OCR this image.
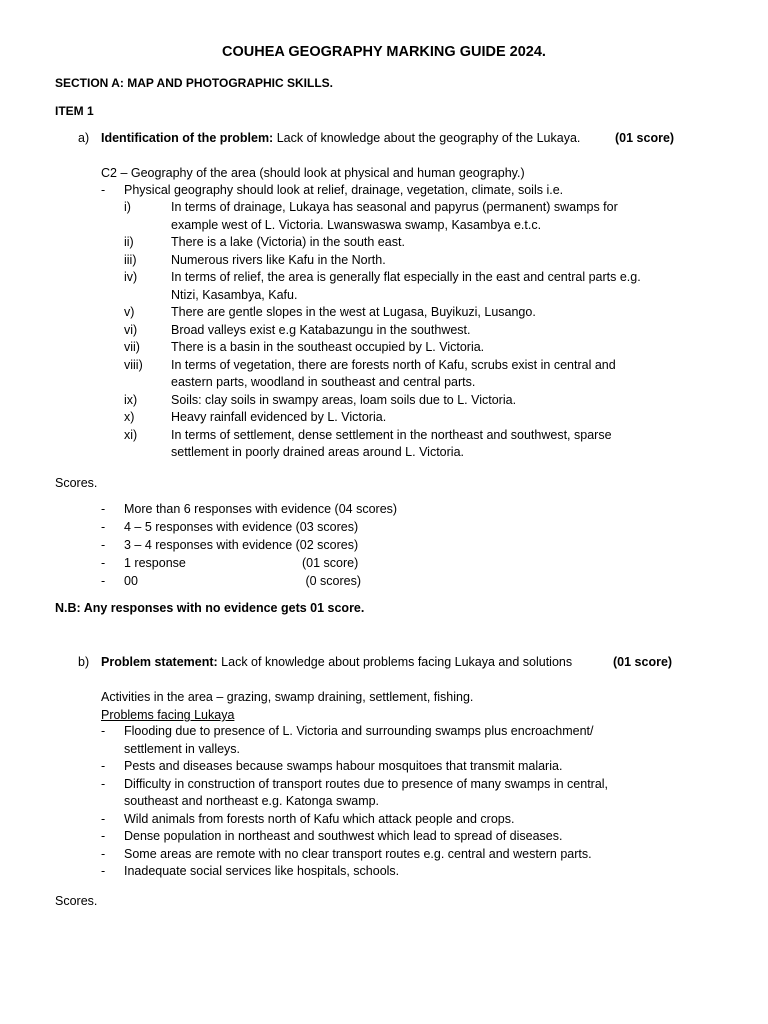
COUHEA GEOGRAPHY MARKING GUIDE 2024.
SECTION A: MAP AND PHOTOGRAPHIC SKILLS.
ITEM 1
a) Identification of the problem: Lack of knowledge about the geography of the Lukaya.	(01 score)
C2 – Geography of the area (should look at physical and human geography.)
- Physical geography should look at relief, drainage, vegetation, climate, soils i.e.
i)	In terms of drainage, Lukaya has seasonal and papyrus (permanent) swamps for
example west of L. Victoria. Lwanswaswa swamp, Kasambya e.t.c.
ii)	There is a lake (Victoria) in the south east.
iii)	Numerous rivers like Kafu in the North.
iv)	In terms of relief, the area is generally flat especially in the east and central parts e.g.
Ntizi, Kasambya, Kafu.
v)	There are gentle slopes in the west at Lugasa, Buyikuzi, Lusango.
vi)	Broad valleys exist e.g Katabazungu in the southwest.
vii) There is a basin in the southeast occupied by L. Victoria.
viii) In terms of vegetation, there are forests north of Kafu, scrubs exist in central and
eastern parts, woodland in southeast and central parts.
ix)	Soils: clay soils in swampy areas, loam soils due to L. Victoria.
x)	Heavy rainfall evidenced by L. Victoria.
xi)	In terms of settlement, dense settlement in the northeast and southwest, sparse
settlement in poorly drained areas around L. Victoria.
Scores.
- More than 6 responses with evidence (04 scores)
- 4 – 5 responses with evidence (03 scores)
- 3 – 4 responses with evidence (02 scores)
- 1 response	(01 score)
- 00	(0 scores)
N.B: Any responses with no evidence gets 01 score.
b) Problem statement: Lack of knowledge about problems facing Lukaya and solutions	(01 score)
Activities in the area – grazing, swamp draining, settlement, fishing.
Problems facing Lukaya
- Flooding due to presence of L. Victoria and surrounding swamps plus encroachment/
settlement in valleys.
- Pests and diseases because swamps habour mosquitoes that transmit malaria.
- Difficulty in construction of transport routes due to presence of many swamps in central,
southeast and northeast e.g. Katonga swamp.
- Wild animals from forests north of Kafu which attack people and crops.
- Dense population in northeast and southwest which lead to spread of diseases.
- Some areas are remote with no clear transport routes e.g. central and western parts.
- Inadequate social services like hospitals, schools.
Scores.
